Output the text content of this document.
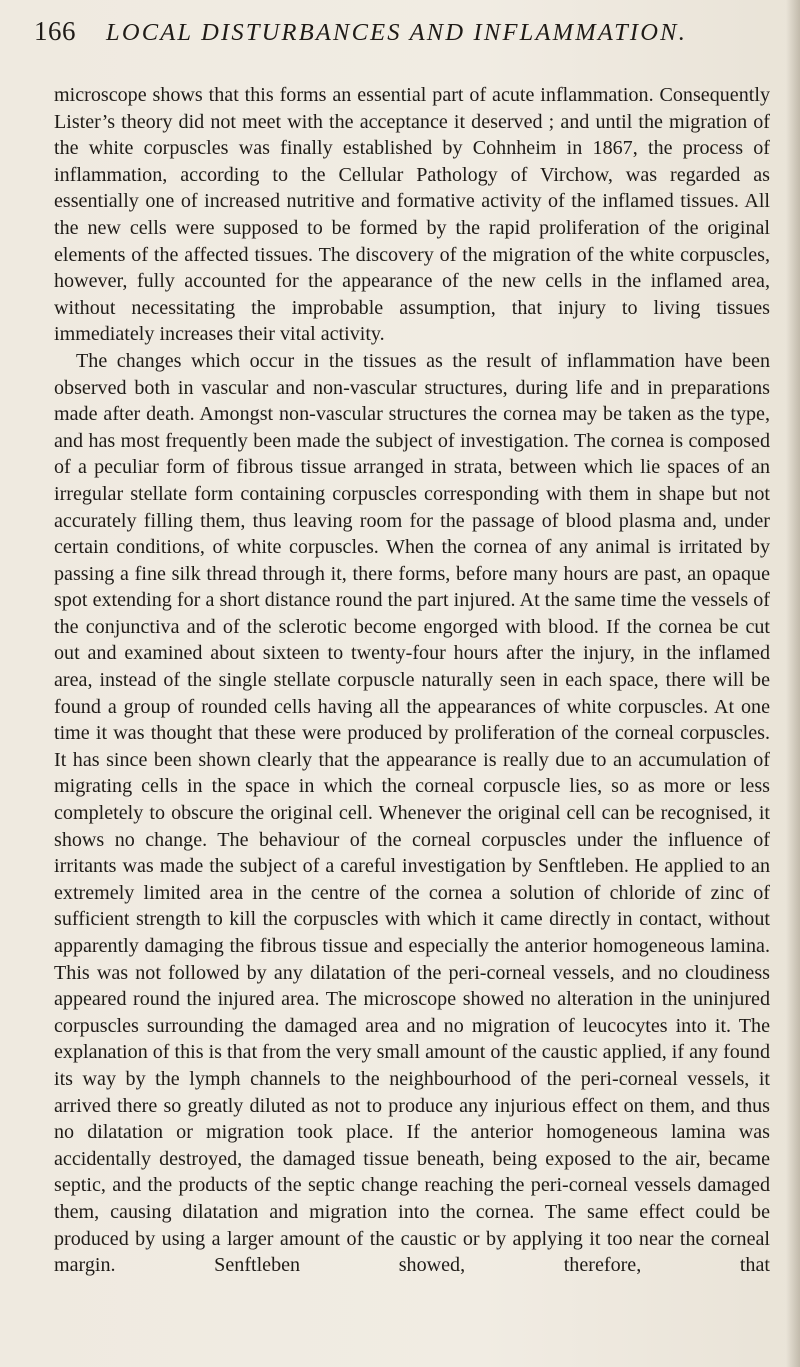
166	LOCAL DISTURBANCES AND INFLAMMATION.

microscope shows that this forms an essential part of acute inflammation. Consequently Lister’s theory did not meet with the acceptance it deserved ; and until the migration of the white corpuscles was finally established by Cohnheim in 1867, the process of inflammation, according to the Cellular Pathology of Virchow, was regarded as essentially one of increased nutritive and formative activity of the inflamed tissues. All the new cells were supposed to be formed by the rapid proliferation of the original elements of the affected tissues. The discovery of the migration of the white corpuscles, however, fully accounted for the appearance of the new cells in the inflamed area, without necessitating the improbable assumption, that injury to living tissues immediately increases their vital activity.

The changes which occur in the tissues as the result of inflammation have been observed both in vascular and non-vascular structures, during life and in preparations made after death. Amongst non-vascular structures the cornea may be taken as the type, and has most frequently been made the subject of investigation. The cornea is composed of a peculiar form of fibrous tissue arranged in strata, between which lie spaces of an irregular stellate form containing corpuscles corresponding with them in shape but not accurately filling them, thus leaving room for the passage of blood plasma and, under certain conditions, of white corpuscles. When the cornea of any animal is irritated by passing a fine silk thread through it, there forms, before many hours are past, an opaque spot extending for a short distance round the part injured. At the same time the vessels of the conjunctiva and of the sclerotic become engorged with blood. If the cornea be cut out and examined about sixteen to twenty-four hours after the injury, in the inflamed area, instead of the single stellate corpuscle naturally seen in each space, there will be found a group of rounded cells having all the appearances of white corpuscles. At one time it was thought that these were produced by proliferation of the corneal corpuscles. It has since been shown clearly that the appearance is really due to an accumulation of migrating cells in the space in which the corneal corpuscle lies, so as more or less completely to obscure the original cell. Whenever the original cell can be recognised, it shows no change. The behaviour of the corneal corpuscles under the influence of irritants was made the subject of a careful investigation by Senftleben. He applied to an extremely limited area in the centre of the cornea a solution of chloride of zinc of sufficient strength to kill the corpuscles with which it came directly in contact, without apparently damaging the fibrous tissue and especially the anterior homogeneous lamina. This was not followed by any dilatation of the peri-corneal vessels, and no cloudiness appeared round the injured area. The microscope showed no alteration in the uninjured corpuscles surrounding the damaged area and no migration of leucocytes into it. The explanation of this is that from the very small amount of the caustic applied, if any found its way by the lymph channels to the neighbourhood of the peri-corneal vessels, it arrived there so greatly diluted as not to produce any injurious effect on them, and thus no dilatation or migration took place. If the anterior homogeneous lamina was accidentally destroyed, the damaged tissue beneath, being exposed to the air, became septic, and the products of the septic change reaching the peri-corneal vessels damaged them, causing dilatation and migration into the cornea. The same effect could be produced by using a larger amount of the caustic or by applying it too near the corneal margin. Senftleben showed, therefore, that
